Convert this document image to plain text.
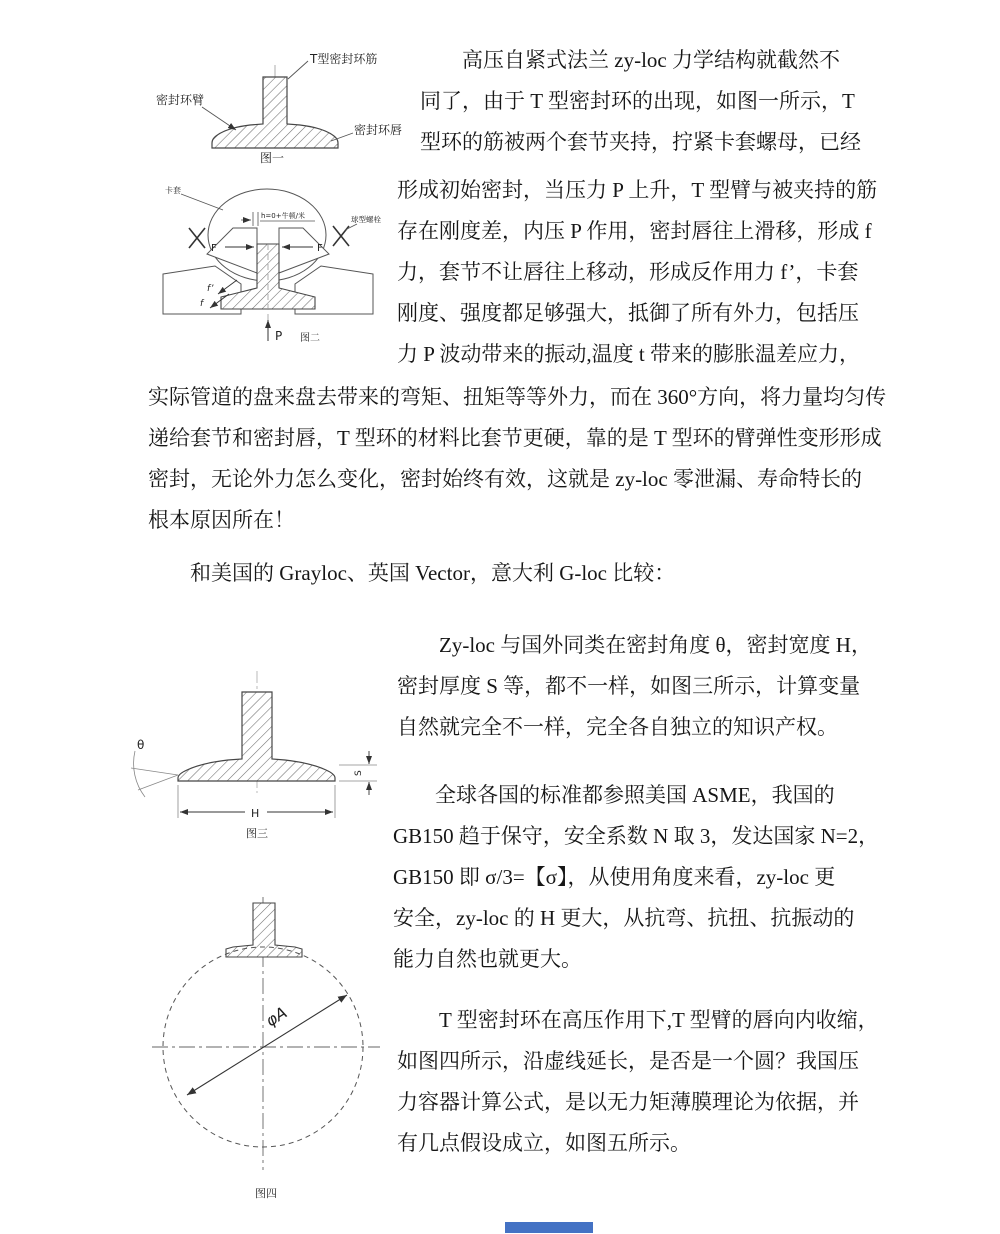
T型密封环筋
密封环臂
密封环唇
图一
h=0+牛顿/米
卡套
球型螺栓
F	F
f’
f
P 图二
θ
S
H
图三
φA
图四
　　高压自紧式法兰 zy-loc 力学结构就截然不
同了，由于 T 型密封环的出现，如图一所示，T
型环的筋被两个套节夹持，拧紧卡套螺母，已经
形成初始密封，当压力 P 上升，T 型臂与被夹持的筋
存在刚度差，内压 P 作用，密封唇往上滑移，形成 f
力，套节不让唇往上移动，形成反作用力 f’，卡套
刚度、强度都足够强大，抵御了所有外力，包括压
力 P 波动带来的振动,温度 t 带来的膨胀温差应力，
实际管道的盘来盘去带来的弯矩、扭矩等等外力，而在 360°方向，将力量均匀传
递给套节和密封唇，T 型环的材料比套节更硬，靠的是 T 型环的臂弹性变形形成
密封，无论外力怎么变化，密封始终有效，这就是 zy-loc 零泄漏、寿命特长的
根本原因所在！
　　和美国的 Grayloc、英国 Vector，意大利 G-loc 比较：
　　Zy-loc 与国外同类在密封角度 θ，密封宽度 H，
密封厚度 S 等，都不一样，如图三所示，计算变量
自然就完全不一样，完全各自独立的知识产权。
　　全球各国的标准都参照美国 ASME，我国的
GB150 趋于保守，安全系数 N 取 3，发达国家 N=2，
GB150 即 σ/3=【σ】，从使用角度来看，zy-loc 更
安全，zy-loc 的 H 更大，从抗弯、抗扭、抗振动的
能力自然也就更大。
　　T 型密封环在高压作用下,T 型臂的唇向内收缩，
如图四所示，沿虚线延长，是否是一个圆？我国压
力容器计算公式，是以无力矩薄膜理论为依据，并
有几点假设成立，如图五所示。
